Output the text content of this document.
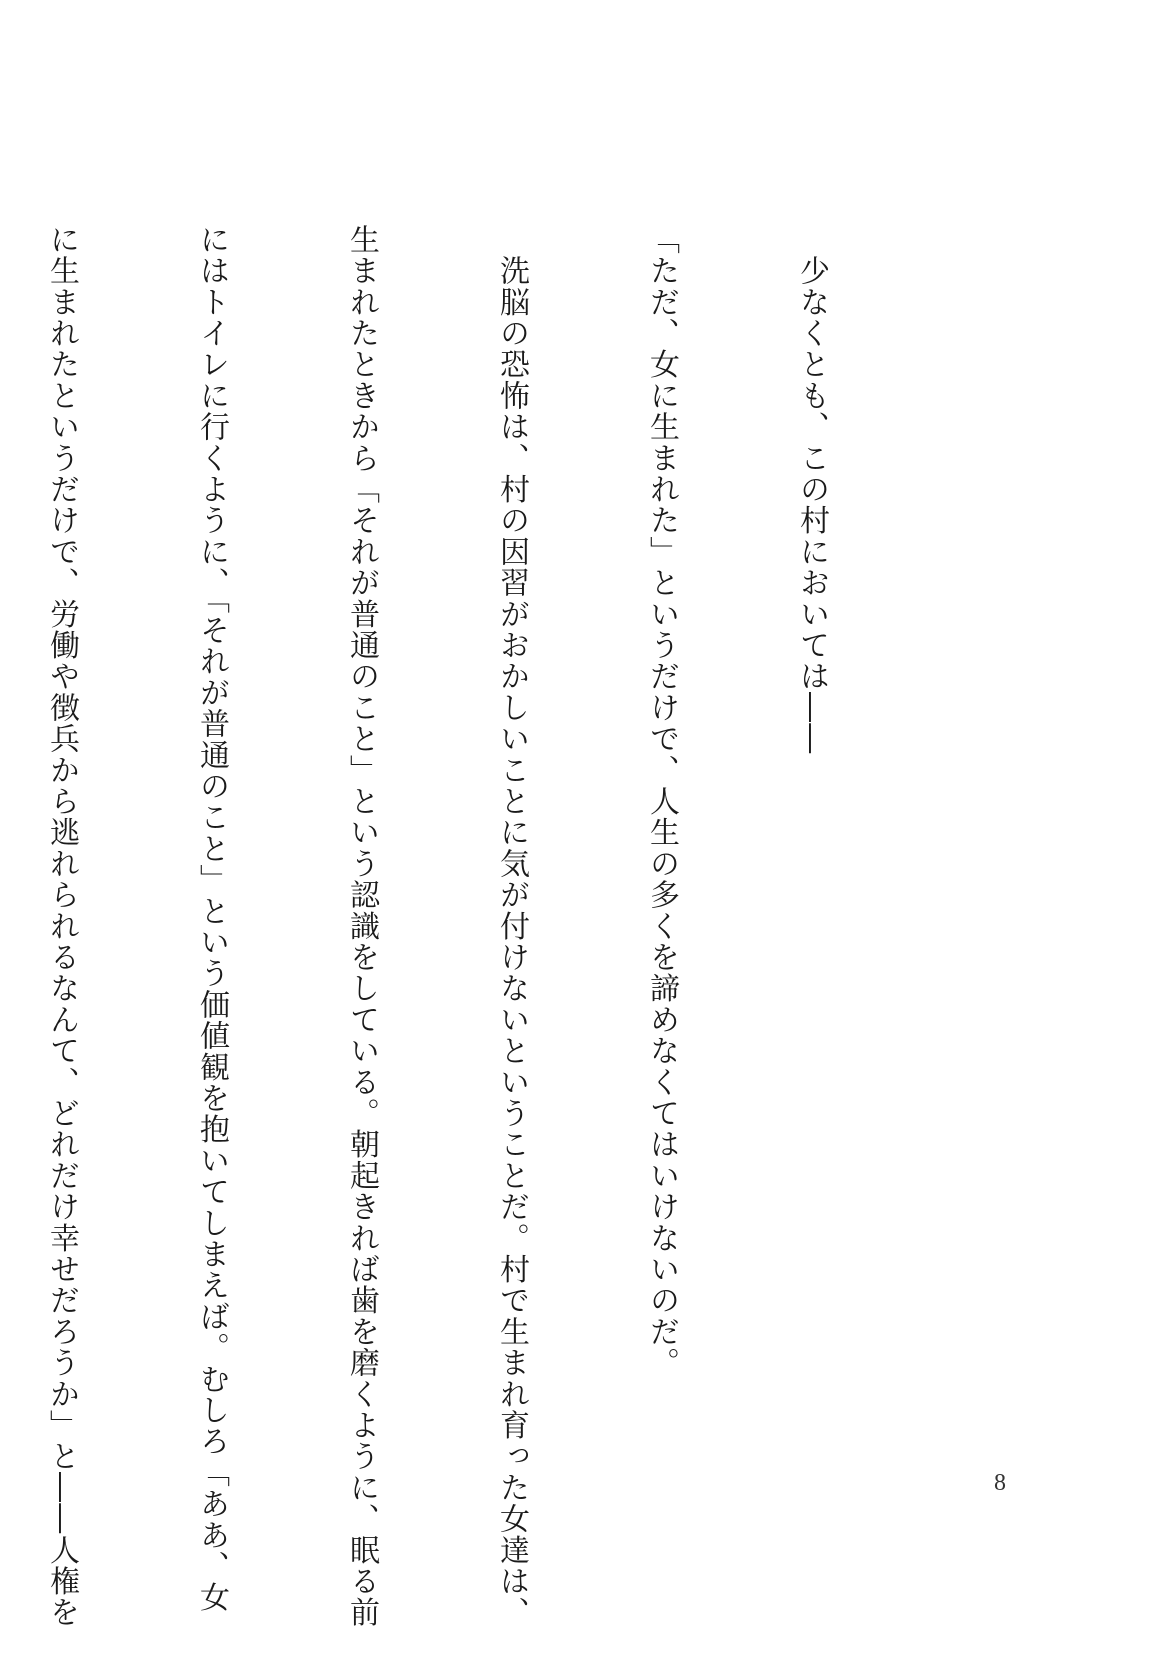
　少なくとも、この村においては――

「ただ、女に生まれた」というだけで、人生の多くを諦めなくてはいけないのだ。

　洗脳の恐怖は、村の因習がおかしいことに気が付けないということだ。村で生まれ育った女達は、

生まれたときから「それが普通のこと」という認識をしている。朝起きれば歯を磨くように、眠る前

にはトイレに行くように、「それが普通のこと」という価値観を抱いてしまえば。むしろ「ああ、女

に生まれたというだけで、労働や徴兵から逃れられるなんて、どれだけ幸せだろうか」と――人権を

	8
